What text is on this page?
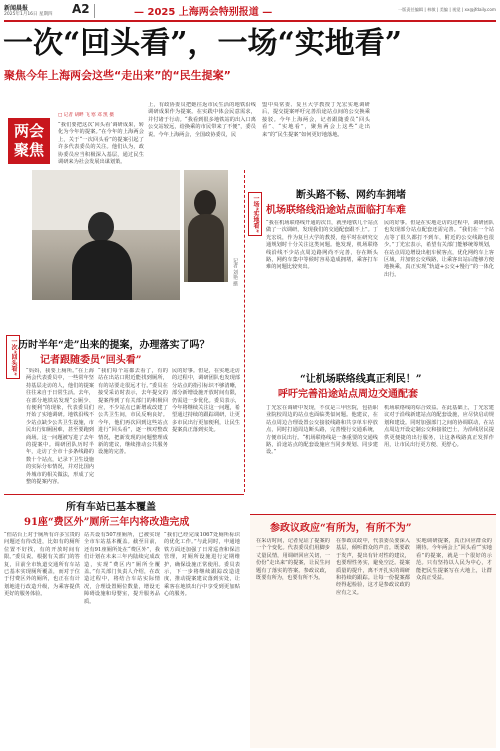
新闻晨报
2025年1月16日 星期四 A2	— 2025 上海两会特别报道 —	一版责任编辑 | 林敏 | 美编 | 视觉 | xx@jfdaily.com
一次“回头看”，一场“实地看”
聚焦今年上海两会这些“走出来”的“民生提案”
两会
聚焦
□ 记者 胡畔 飞 寒 邓 凯 摄
“我们要把这次‘回头看’调研成果，转化为今年的提案。”在今年的上海两会上，关于“一次回头看”的提案引起了许多代表委员的关注。他们认为，政协委员应当积极深入基层，通过民生调研来为社会发展出谋划策。
上，有政协委员把她往返市民生活的地铁沿线调研成果作为提案。在实践中体会民意需求，并付诸于行动。“我看到很多地铁站的出入口离公交站较远，给换乘的市民带来了不便”，委员说。今年上海两会，全国政协委员，民
盟中央常委、复旦大学教授丁光宏实地调研后，提交提案呼吁完善沿途站点间的公交换乘接驳。今年上海两会，记者跟随委员“回头看”、“实地看”，聚焦两会上这些“走出来”的“民生提案”如何更好地落地。
记者 刘艳 摄
一次“回头看”
一场“实地看”
历时半年“走”出来的提案，办理落实了吗？
记者跟随委员“回头看”
“妈妈，我要上厕所。”在上海两会代表委员中，一些常年坚持基层走访的人，他们的提案往往来自于日常生活。去年，在部分地铁站发现“公厕少、有便利”的现象，代表委员们开始了实地调研。地铁沿线不少站点缺少公共卫生设施，市民出行如厕困难，甚至要跑到商场。这一问题被写进了去年的提案中。调研团队历时半年，走访了全市十多条线路的数十个站点，记录下卫生设施的实际分布情况，并对比国内外城市的相关做法，形成了完整的提案内容。
“我们每个站都去看了，有的站在出站口附近能找到厕所，有的站要走很远才行。”委员在接受采访时表示，去年提交的提案得到了有关部门的积极回应，不少站点已新增或改建了公共卫生间，市民反响良好。今年，他们再次回到这些站点进行“回头看”，逐一核对整改情况，把新发现的问题整理成新的建议，继续推动公共服务设施的完善。
民的好事。但是，在实地走访的过程中，调研团队也发现部分站点的指引标识不够清晰，部分新增设施开放时间有限，仍需进一步优化。委员表示，今年将继续关注这一问题，希望通过持续的跟踪调研，让更多市民出行更加便利，让民生提案真正落到实处。
断头路不畅、网约车拥堵
机场联络线沿途站点面临打车难
“我在机场联络线开通的次日，就坐地铁几个站点做了一次调研，发现我们的交通配套跟不上”。丁光宏说，作为复旦大学的教授，他平时在研究交通规划时十分关注这类问题。他发现，机场联络线沿线不少站点周边路网尚不完善，存在断头路，网约车集中等候时容易造成拥堵，乘客打车难的问题比较突出。
民的好事。但是在实地走访的过程中，调研团队也发现部分站点配套还需完善。“我们在一个站点等了很久都打不到车，附近的公交线路也很少。”丁光宏表示，希望有关部门能够统筹规划，在站点周边增设出租车候客点，优化网约车上客区域，并加密公交线路，让乘客出站后能够方便地换乘，真正实现“轨道+公交+慢行”的一体化出行。
“让机场联络线真正利民！”
呼吁完善沿途站点周边交通配套
丁光宏在调研中发现，不仅是三甲医院，包括职业院校周边的站点也面临类似问题。他建议，在站点周边合理设置公交接驳线路和共享单车停放点，同时打通周边断头路，完善慢行交通系统，方便市民出行。“机场联络线是一条重要的交通线路，沿途站点的配套设施应当同步规划、同步建设。”
机场联络线的综合效益。在此基础上，丁光宏建议对于沿线新建站点的配套设施，应尽快启动规划和建设。同时加强部门之间的协调联动，在站点周边开设定制公交和接驳巴士，为沿线居民提供更便捷的出行服务，让这条线路真正发挥作用，让市民出行更方便、更舒心。
所有车站已基本覆盖
91座“费区外”厕所三年内将改造完成
“但站台上对于厕所有许多宝贵的问题还有待改进，比如有的厕所位置不好找，有的开放时间有限。”委员说。根据有关部门的答复，目前全市轨道交通所有车站已基本实现厕所覆盖，而对于位于付费区外的厕所，也正在有计划地进行改造升级，为乘客提供更好的服务体验。
站共设有507座厕所，已被实现全市车站基本覆盖。截至目前，还有91座厕所处在“费区外”，我们计划在未来三年内陆续完成改造，实现“费区内”厕所全覆盖。”有关部门负责人介绍，在改造过程中，将结合车站实际情况，合理设置厕位数量，增设无障碍设施和母婴室，提升服务品质。
“我们已经完成1067处厕所标识的优化工作。”与此同时，申通地铁方面还加强了日常巡查和保洁管理，对厕所设施进行定期维护，确保设施正常使用。委员表示，下一步将继续跟踪改造进度，推动提案建议落到实处，让乘客在地铁出行中享受到更加贴心的服务。
参政议政应“有所为，有所不为”
在采访时间，记者见证了提案的一个个变化。代表委员们用脚步丈量民情，用调研回应关切，一份份“走出来”的提案，让民生问题有了落实的答案。参政议政，既要有所为，也要有所不为。
在参政议政中，代表委员要深入基层，倾听群众的声音。既要敢于发声，提出有针对性的建议，也要理性务实，避免空泛。提案质量的提升，离不开扎实的调研和持续的跟踪。让每一份提案都经得起检验，这才是参政议政的应有之义。
实地调研提案，真正回应群众的期待。今年两会上“回头看”“实地看”的提案，就是一个很好的示范。只有坚持以人民为中心，才能把民生提案写在大地上，让群众真正受益。
